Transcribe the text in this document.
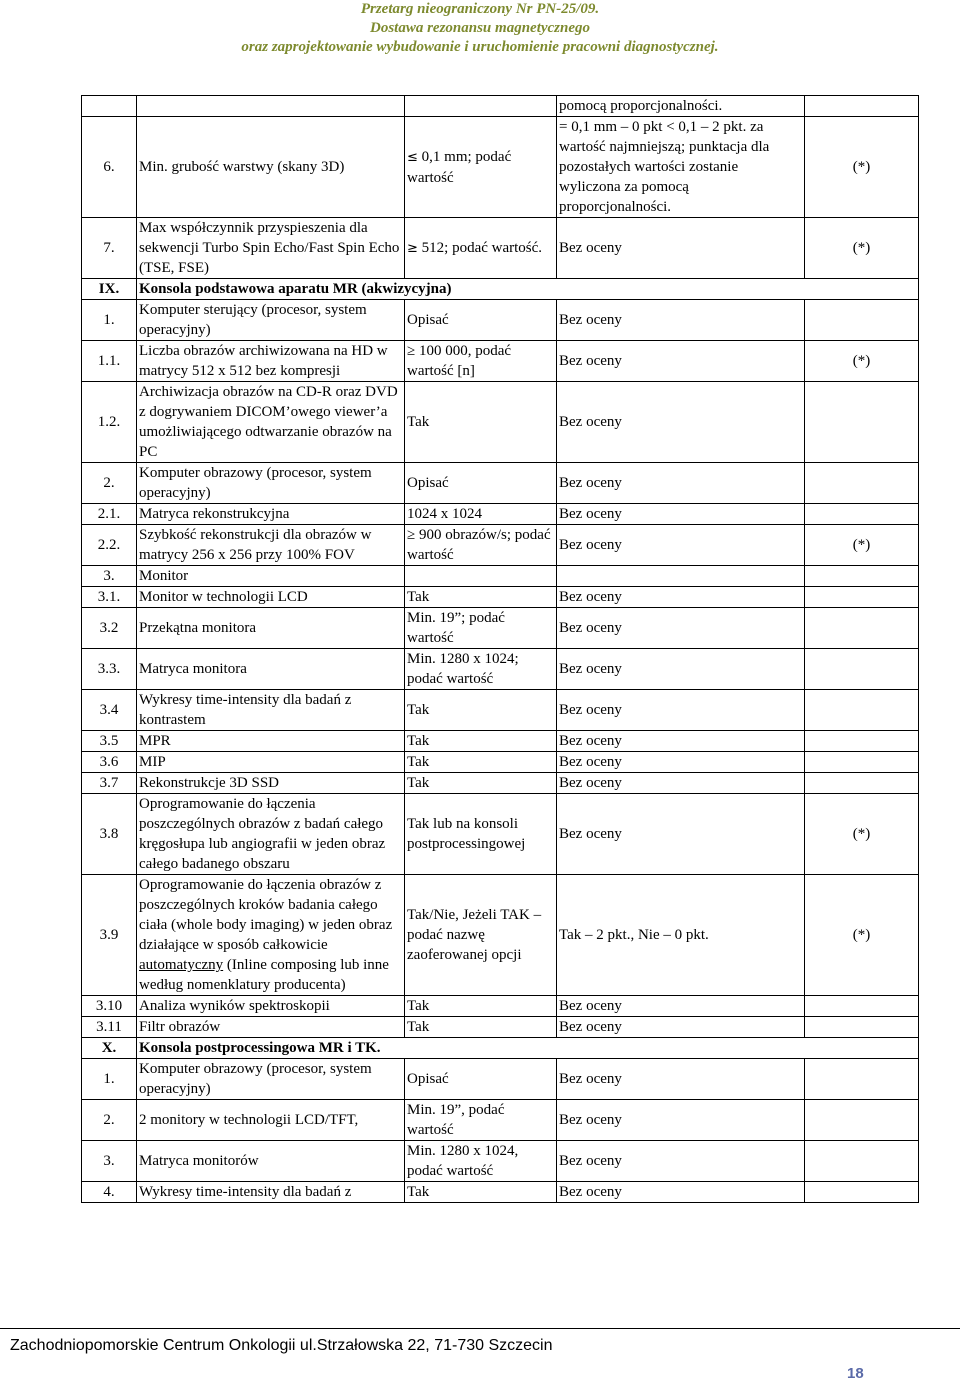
Przetarg nieograniczony Nr PN-25/09.
Dostawa rezonansu magnetycznego
oraz zaprojektowanie wybudowanie i uruchomienie pracowni diagnostycznej.
			pomocą proporcjonalności.	
6.	Min. grubość warstwy (skany 3D)	≤ 0,1 mm; podać wartość	= 0,1 mm – 0 pkt < 0,1 – 2 pkt. za wartość najmniejszą; punktacja dla pozostałych wartości zostanie wyliczona za pomocą proporcjonalności.	(*)
7.	Max współczynnik przyspieszenia dla sekwencji Turbo Spin Echo/Fast Spin Echo (TSE, FSE)	≥ 512; podać wartość.	Bez oceny	(*)
IX.	Konsola podstawowa aparatu MR (akwizycyjna)			
1.	Komputer sterujący (procesor, system operacyjny)	Opisać	Bez oceny	
1.1.	Liczba obrazów archiwizowana na HD w matrycy 512 x 512 bez kompresji	≥ 100 000, podać wartość [n]	Bez oceny	(*)
1.2.	Archiwizacja obrazów na CD-R oraz DVD z dogrywaniem DICOM’owego viewer’a umożliwiającego odtwarzanie obrazów na PC	Tak	Bez oceny	
2.	Komputer obrazowy (procesor, system operacyjny)	Opisać	Bez oceny	
2.1.	Matryca rekonstrukcyjna	1024 x 1024	Bez oceny	
2.2.	Szybkość rekonstrukcji dla obrazów w matrycy 256 x 256 przy 100% FOV	≥ 900 obrazów/s; podać wartość	Bez oceny	(*)
3.	Monitor			
3.1.	Monitor w technologii LCD	Tak	Bez oceny	
3.2	Przekątna monitora	Min. 19”; podać wartość	Bez oceny	
3.3.	Matryca monitora	Min. 1280 x 1024; podać wartość	Bez oceny	
3.4	Wykresy time-intensity dla badań z kontrastem	Tak	Bez oceny	
3.5	MPR	Tak	Bez oceny	
3.6	MIP	Tak	Bez oceny	
3.7	Rekonstrukcje 3D SSD	Tak	Bez oceny	
3.8	Oprogramowanie do łączenia poszczególnych obrazów z badań całego kręgosłupa lub angiografii w jeden obraz całego badanego obszaru	Tak lub na konsoli postprocessingowej	Bez oceny	(*)
3.9	Oprogramowanie do łączenia obrazów z poszczególnych kroków badania całego ciała (whole body imaging) w jeden obraz działające w sposób całkowicie automatyczny (Inline composing lub inne według nomenklatury producenta)	Tak/Nie, Jeżeli TAK – podać nazwę zaoferowanej opcji	Tak – 2 pkt., Nie – 0 pkt.	(*)
3.10	Analiza wyników spektroskopii	Tak	Bez oceny	
3.11	Filtr obrazów	Tak	Bez oceny	
X.	Konsola postprocessingowa MR i TK.			
1.	Komputer obrazowy (procesor, system operacyjny)	Opisać	Bez oceny	
2.	2 monitory w technologii LCD/TFT,	Min. 19”, podać wartość	Bez oceny	
3.	Matryca monitorów	Min. 1280 x 1024, podać wartość	Bez oceny	
4.	Wykresy time-intensity dla badań z	Tak	Bez oceny	
Zachodniopomorskie Centrum Onkologii ul.Strzałowska 22, 71-730 Szczecin
18
